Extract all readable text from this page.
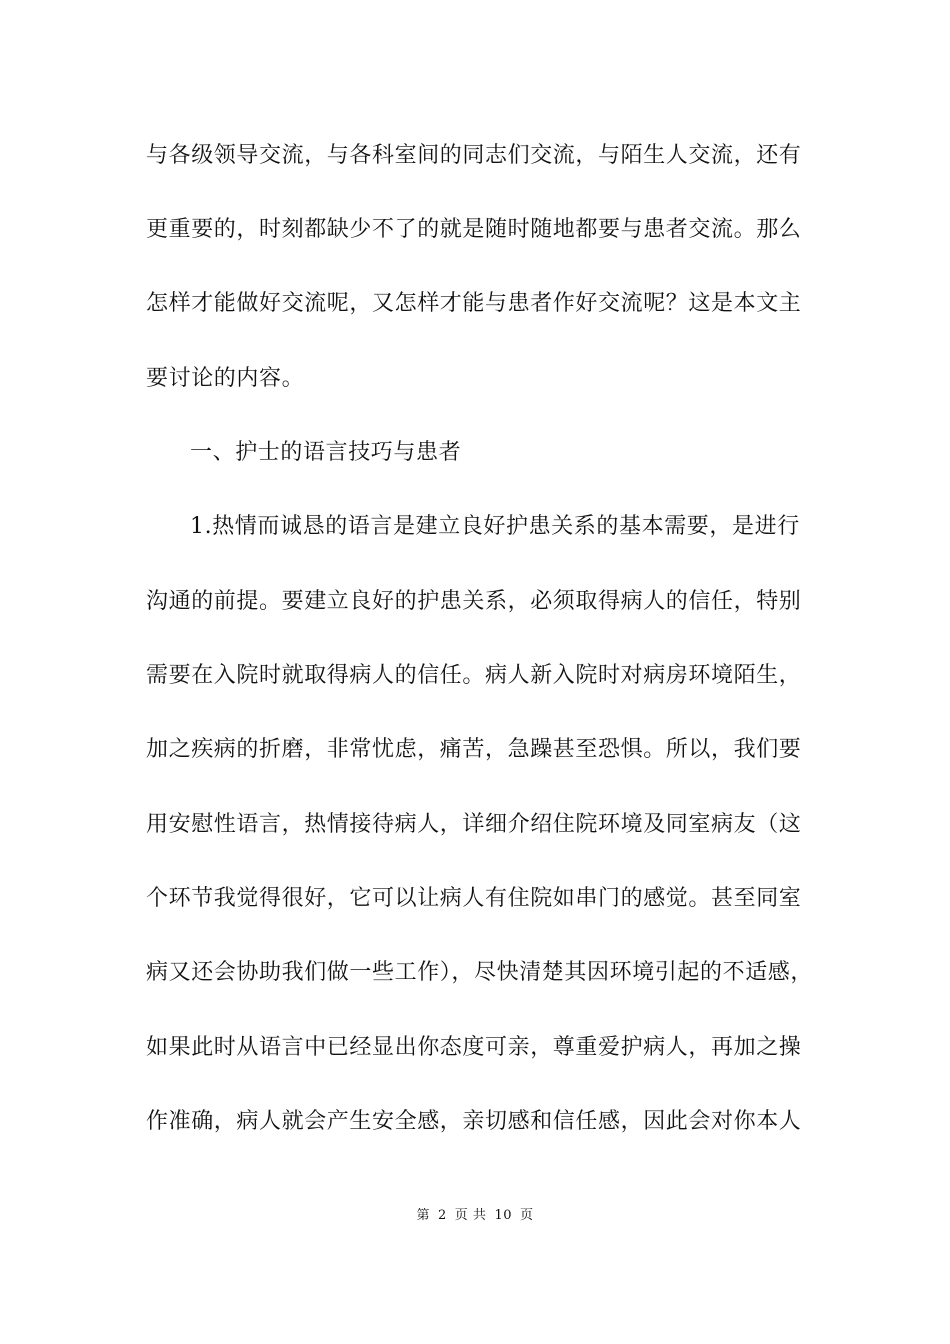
与各级领导交流，与各科室间的同志们交流，与陌生人交流，还有
更重要的，时刻都缺少不了的就是随时随地都要与患者交流。那么
怎样才能做好交流呢，又怎样才能与患者作好交流呢？这是本文主
要讨论的内容。
一、护士的语言技巧与患者
1.热情而诚恳的语言是建立良好护患关系的基本需要，是进行
沟通的前提。要建立良好的护患关系，必须取得病人的信任，特别
需要在入院时就取得病人的信任。病人新入院时对病房环境陌生，
加之疾病的折磨，非常忧虑，痛苦，急躁甚至恐惧。所以，我们要
用安慰性语言，热情接待病人，详细介绍住院环境及同室病友（这
个环节我觉得很好，它可以让病人有住院如串门的感觉。甚至同室
病又还会协助我们做一些工作），尽快清楚其因环境引起的不适感，
如果此时从语言中已经显出你态度可亲，尊重爱护病人，再加之操
作准确，病人就会产生安全感，亲切感和信任感，因此会对你本人
第 2 页 共 10 页
